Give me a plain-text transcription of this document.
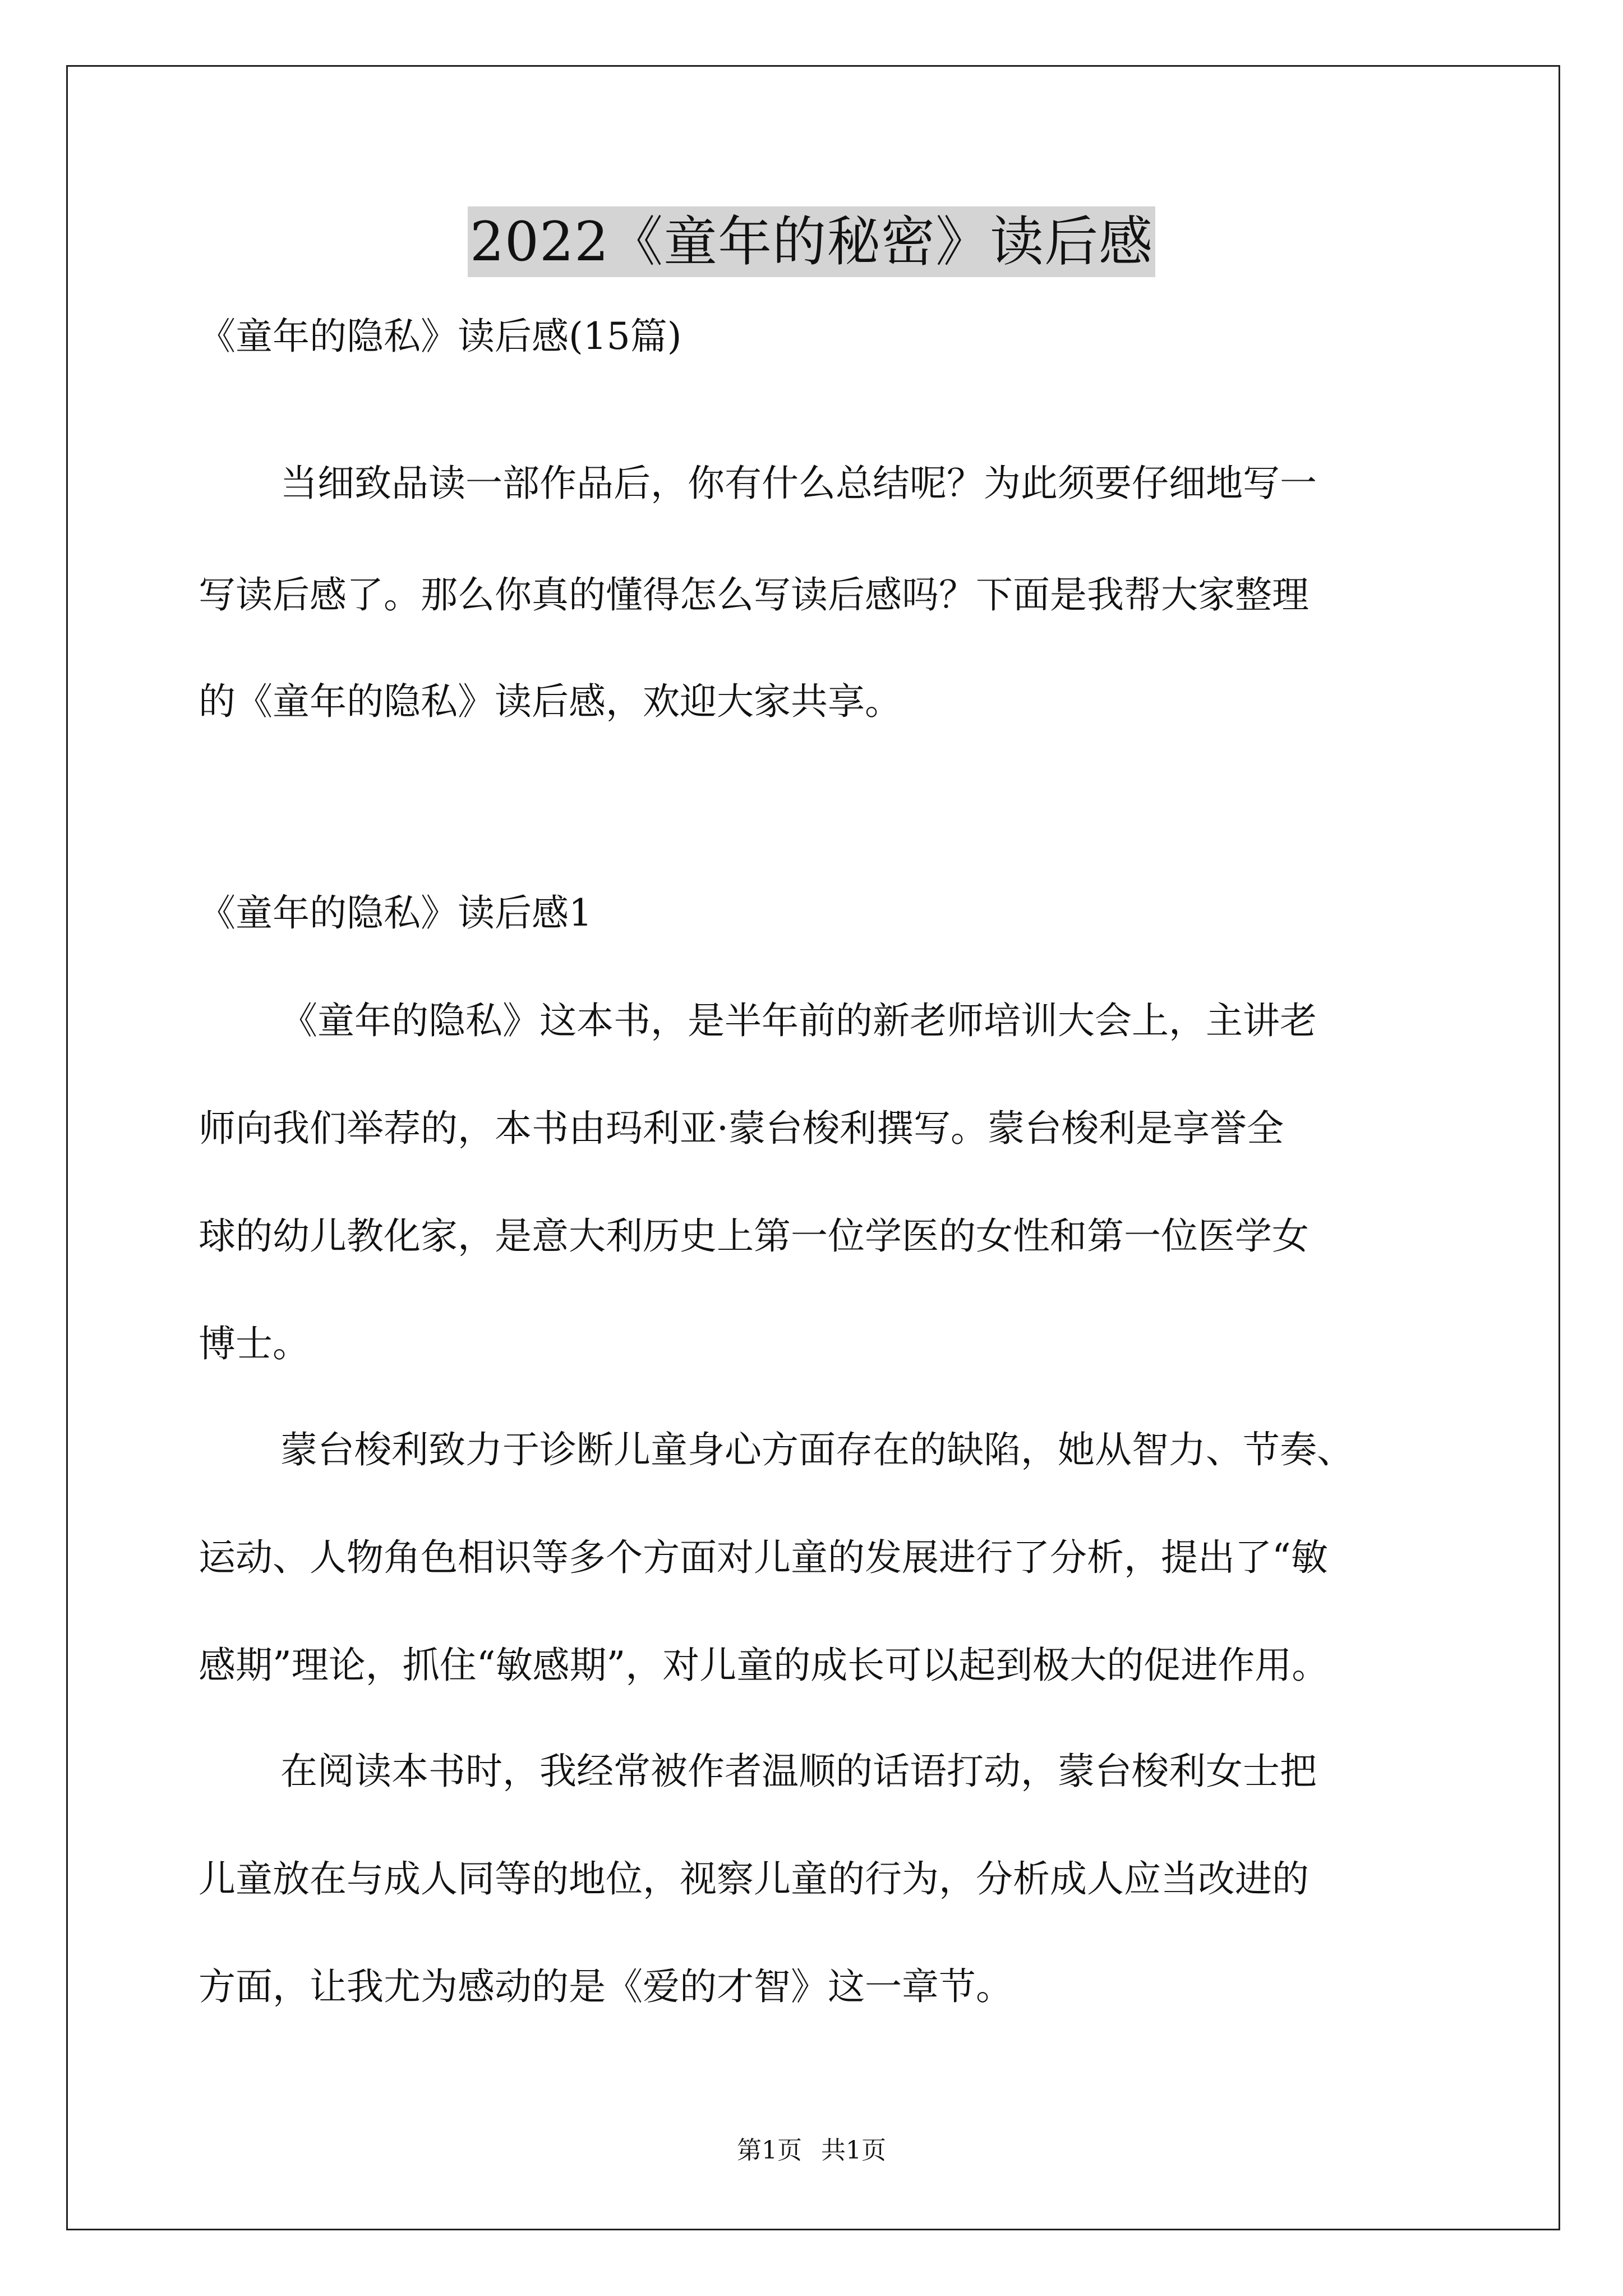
2022《童年的秘密》读后感
《童年的隐私》读后感(15篇)
当细致品读一部作品后，你有什么总结呢？为此须要仔细地写一
写读后感了。那么你真的懂得怎么写读后感吗？下面是我帮大家整理
的《童年的隐私》读后感，欢迎大家共享。
《童年的隐私》读后感1
《童年的隐私》这本书，是半年前的新老师培训大会上，主讲老
师向我们举荐的，本书由玛利亚·蒙台梭利撰写。蒙台梭利是享誉全
球的幼儿教化家，是意大利历史上第一位学医的女性和第一位医学女
博士。
蒙台梭利致力于诊断儿童身心方面存在的缺陷，她从智力、节奏、
运动、人物角色相识等多个方面对儿童的发展进行了分析，提出了“敏
感期”理论，抓住“敏感期”，对儿童的成长可以起到极大的促进作用。
在阅读本书时，我经常被作者温顺的话语打动，蒙台梭利女士把
儿童放在与成人同等的地位，视察儿童的行为，分析成人应当改进的
方面，让我尤为感动的是《爱的才智》这一章节。
第1页 共1页
